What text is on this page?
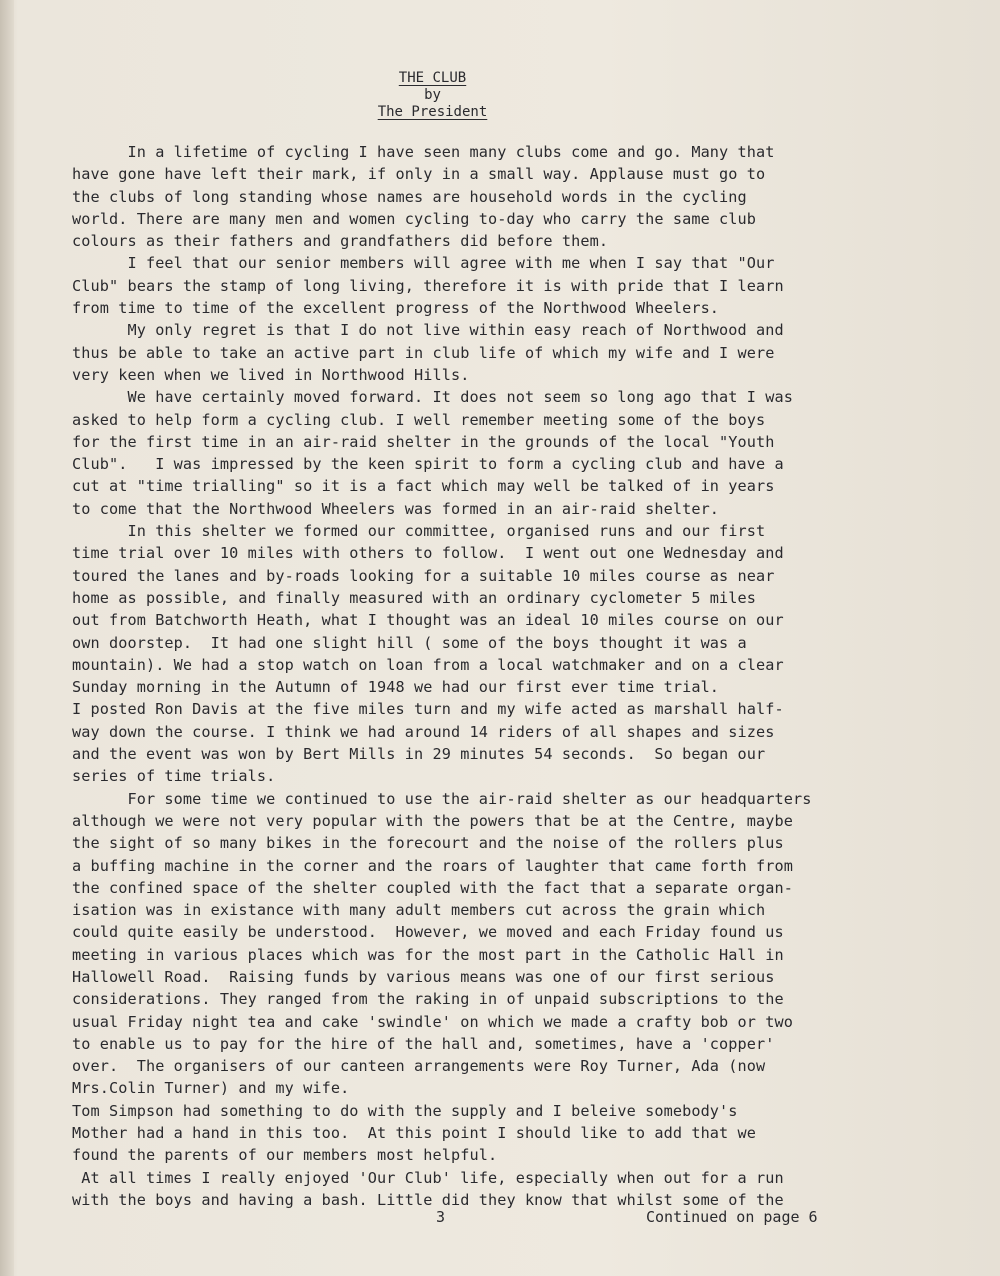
THE CLUB
by
The President
In a lifetime of cycling I have seen many clubs come and go. Many that
have gone have left their mark, if only in a small way. Applause must go to
the clubs of long standing whose names are household words in the cycling
world. There are many men and women cycling to-day who carry the same club
colours as their fathers and grandfathers did before them.
I feel that our senior members will agree with me when I say that "Our
Club" bears the stamp of long living, therefore it is with pride that I learn
from time to time of the excellent progress of the Northwood Wheelers.
My only regret is that I do not live within easy reach of Northwood and
thus be able to take an active part in club life of which my wife and I were
very keen when we lived in Northwood Hills.
We have certainly moved forward. It does not seem so long ago that I was
asked to help form a cycling club. I well remember meeting some of the boys
for the first time in an air-raid shelter in the grounds of the local "Youth
Club".   I was impressed by the keen spirit to form a cycling club and have a
cut at "time trialling" so it is a fact which may well be talked of in years
to come that the Northwood Wheelers was formed in an air-raid shelter.
In this shelter we formed our committee, organised runs and our first
time trial over 10 miles with others to follow.  I went out one Wednesday and
toured the lanes and by-roads looking for a suitable 10 miles course as near
home as possible, and finally measured with an ordinary cyclometer 5 miles
out from Batchworth Heath, what I thought was an ideal 10 miles course on our
own doorstep.  It had one slight hill ( some of the boys thought it was a
mountain). We had a stop watch on loan from a local watchmaker and on a clear
Sunday morning in the Autumn of 1948 we had our first ever time trial.
I posted Ron Davis at the five miles turn and my wife acted as marshall half-
way down the course. I think we had around 14 riders of all shapes and sizes
and the event was won by Bert Mills in 29 minutes 54 seconds.  So began our
series of time trials.
For some time we continued to use the air-raid shelter as our headquarters
although we were not very popular with the powers that be at the Centre, maybe
the sight of so many bikes in the forecourt and the noise of the rollers plus
a buffing machine in the corner and the roars of laughter that came forth from
the confined space of the shelter coupled with the fact that a separate organ-
isation was in existance with many adult members cut across the grain which
could quite easily be understood.  However, we moved and each Friday found us
meeting in various places which was for the most part in the Catholic Hall in
Hallowell Road.  Raising funds by various means was one of our first serious
considerations. They ranged from the raking in of unpaid subscriptions to the
usual Friday night tea and cake 'swindle' on which we made a crafty bob or two
to enable us to pay for the hire of the hall and, sometimes, have a 'copper'
over.  The organisers of our canteen arrangements were Roy Turner, Ada (now
Mrs.Colin Turner) and my wife.
Tom Simpson had something to do with the supply and I beleive somebody's
Mother had a hand in this too.  At this point I should like to add that we
found the parents of our members most helpful.
At all times I really enjoyed 'Our Club' life, especially when out for a run
with the boys and having a bash. Little did they know that whilst some of the
3	Continued on page 6
